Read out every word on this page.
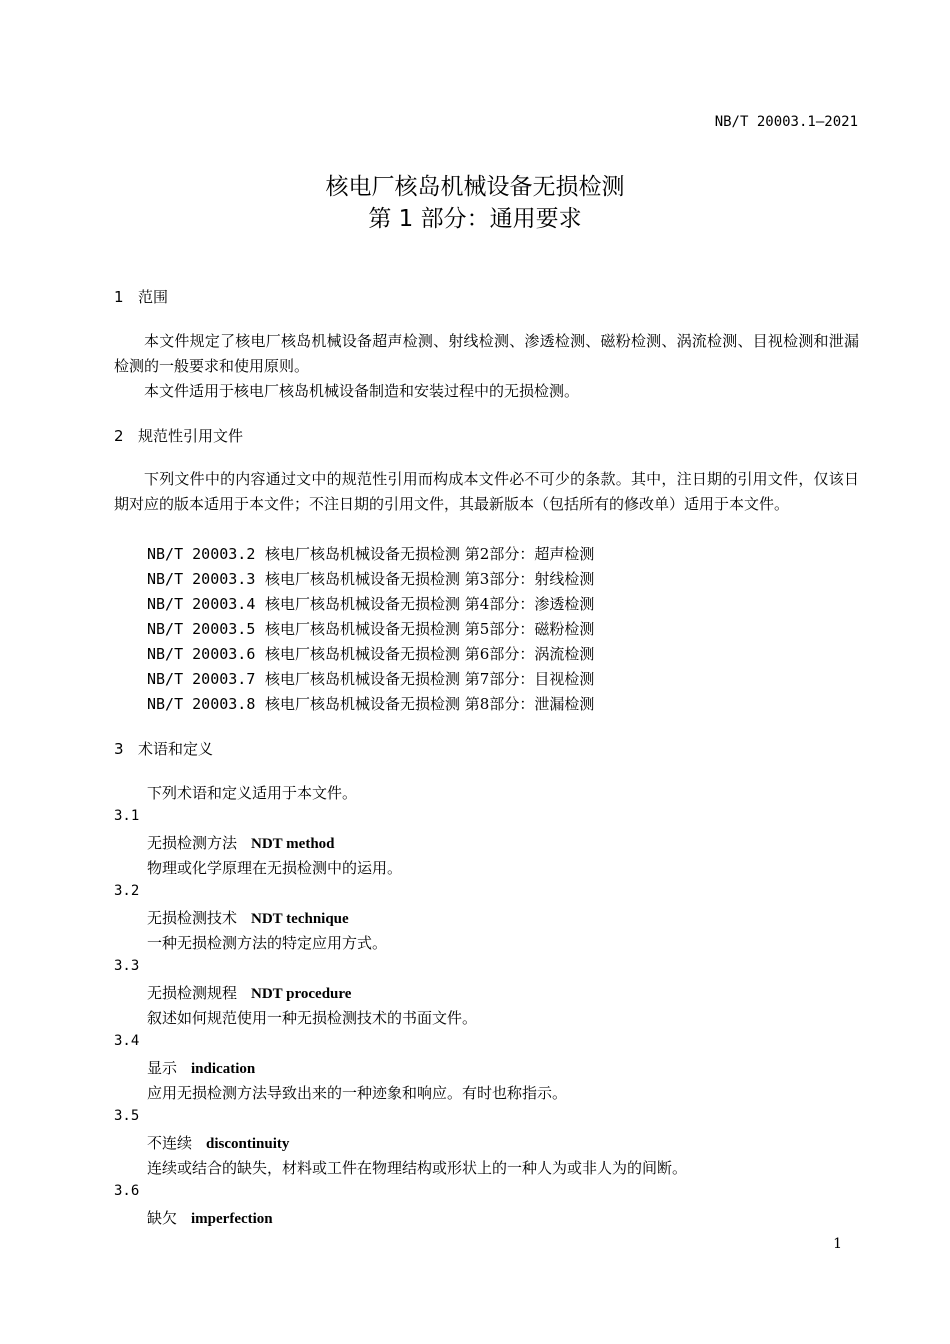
NB/T 20003.1—2021
核电厂核岛机械设备无损检测
第 1 部分：通用要求
1 范围

本文件规定了核电厂核岛机械设备超声检测、射线检测、渗透检测、磁粉检测、涡流检测、目视检测和泄漏检测的一般要求和使用原则。

本文件适用于核电厂核岛机械设备制造和安装过程中的无损检测。

2 规范性引用文件

下列文件中的内容通过文中的规范性引用而构成本文件必不可少的条款。其中，注日期的引用文件，仅该日期对应的版本适用于本文件；不注日期的引用文件，其最新版本（包括所有的修改单）适用于本文件。

NB/T 20003.2 核电厂核岛机械设备无损检测 第2部分：超声检测
NB/T 20003.3 核电厂核岛机械设备无损检测 第3部分：射线检测
NB/T 20003.4 核电厂核岛机械设备无损检测 第4部分：渗透检测
NB/T 20003.5 核电厂核岛机械设备无损检测 第5部分：磁粉检测
NB/T 20003.6 核电厂核岛机械设备无损检测 第6部分：涡流检测
NB/T 20003.7 核电厂核岛机械设备无损检测 第7部分：目视检测
NB/T 20003.8 核电厂核岛机械设备无损检测 第8部分：泄漏检测
3 术语和定义
下列术语和定义适用于本文件。
3.1
无损检测方法 NDT method
物理或化学原理在无损检测中的运用。
3.2
无损检测技术 NDT technique
一种无损检测方法的特定应用方式。
3.3
无损检测规程 NDT procedure
叙述如何规范使用一种无损检测技术的书面文件。
3.4
显示 indication
应用无损检测方法导致出来的一种迹象和响应。有时也称指示。
3.5
不连续 discontinuity
连续或结合的缺失，材料或工件在物理结构或形状上的一种人为或非人为的间断。
3.6
缺欠 imperfection
1
